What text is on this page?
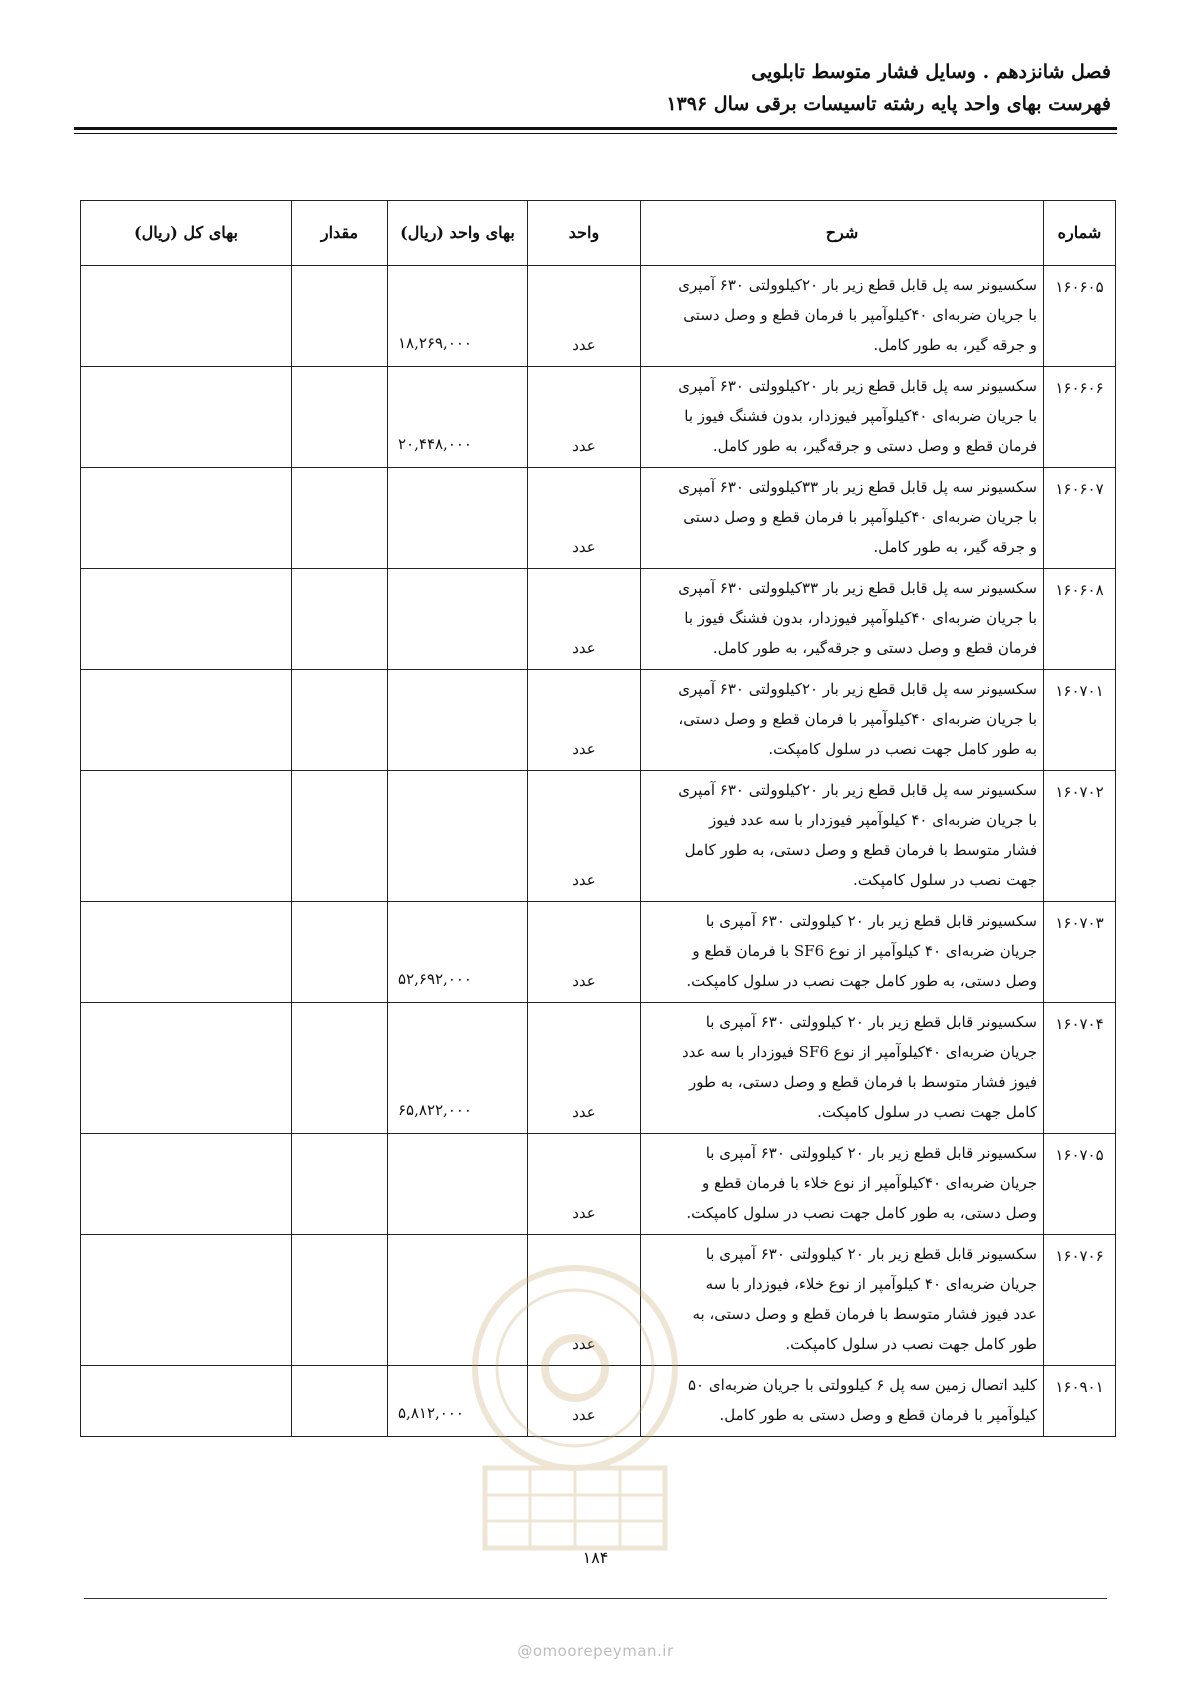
فصل شانزدهم . وسایل فشار متوسط تابلویی

فهرست بهای واحد پایه رشته تاسیسات برقی سال ۱۳۹۶

شماره	شرح	واحد	بهای واحد (ریال)	مقدار	بهای کل (ریال)
۱۶۰۶۰۵	سکسیونر سه پل قابل قطع زیر بار ۲۰کیلوولتی ۶۳۰ آمپری
با جریان ضربه‌ای ۴۰کیلوآمپر با فرمان قطع و وصل دستی
و جرقه گیر، به طور کامل.	عدد	۱۸,۲۶۹,۰۰۰		
۱۶۰۶۰۶	سکسیونر سه پل قابل قطع زیر بار ۲۰کیلوولتی ۶۳۰ آمپری
با جریان ضربه‌ای ۴۰کیلوآمپر فیوزدار، بدون فشنگ فیوز با
فرمان قطع و وصل دستی و جرقه‌گیر، به طور کامل.	عدد	۲۰,۴۴۸,۰۰۰		
۱۶۰۶۰۷	سکسیونر سه پل قابل قطع زیر بار ۳۳کیلوولتی ۶۳۰ آمپری
با جریان ضربه‌ای ۴۰کیلوآمپر با فرمان قطع و وصل دستی
و جرقه گیر، به طور کامل.	عدد			
۱۶۰۶۰۸	سکسیونر سه پل قابل قطع زیر بار ۳۳کیلوولتی ۶۳۰ آمپری
با جریان ضربه‌ای ۴۰کیلوآمپر فیوزدار، بدون فشنگ فیوز با
فرمان قطع و وصل دستی و جرقه‌گیر، به طور کامل.	عدد			
۱۶۰۷۰۱	سکسیونر سه پل قابل قطع زیر بار ۲۰کیلوولتی ۶۳۰ آمپری
با جریان ضربه‌ای ۴۰کیلوآمپر با فرمان قطع و وصل دستی،
به طور کامل جهت نصب در سلول کامپکت.	عدد			
۱۶۰۷۰۲	سکسیونر سه پل قابل قطع زیر بار ۲۰کیلوولتی ۶۳۰ آمپری
با جریان ضربه‌ای ۴۰ کیلوآمپر فیوزدار با سه عدد فیوز
فشار متوسط با فرمان قطع و وصل دستی، به طور کامل
جهت نصب در سلول کامپکت.	عدد			
۱۶۰۷۰۳	سکسیونر قابل قطع زیر بار ۲۰ کیلوولتی ۶۳۰ آمپری با
جریان ضربه‌ای ۴۰ کیلوآمپر از نوع SF6 با فرمان قطع و
وصل دستی، به طور کامل جهت نصب در سلول کامپکت.	عدد	۵۲,۶۹۲,۰۰۰		
۱۶۰۷۰۴	سکسیونر قابل قطع زیر بار ۲۰ کیلوولتی ۶۳۰ آمپری با
جریان ضربه‌ای ۴۰کیلوآمپر از نوع SF6 فیوزدار با سه عدد
فیوز فشار متوسط با فرمان قطع و وصل دستی، به طور
کامل جهت نصب در سلول کامپکت.	عدد	۶۵,۸۲۲,۰۰۰		
۱۶۰۷۰۵	سکسیونر قابل قطع زیر بار ۲۰ کیلوولتی ۶۳۰ آمپری با
جریان ضربه‌ای ۴۰کیلوآمپر از نوع خلاء با فرمان قطع و
وصل دستی، به طور کامل جهت نصب در سلول کامپکت.	عدد			
۱۶۰۷۰۶	سکسیونر قابل قطع زیر بار ۲۰ کیلوولتی ۶۳۰ آمپری با
جریان ضربه‌ای ۴۰ کیلوآمپر از نوع خلاء، فیوزدار با سه
عدد فیوز فشار متوسط با فرمان قطع و وصل دستی، به
طور کامل جهت نصب در سلول کامپکت.	عدد			
۱۶۰۹۰۱	کلید اتصال زمین سه پل ۶ کیلوولتی با جریان ضربه‌ای ۵۰
کیلوآمپر با فرمان قطع و وصل دستی به طور کامل.	عدد	۵,۸۱۲,۰۰۰		
۱۸۴
@omoorepeyman.ir
